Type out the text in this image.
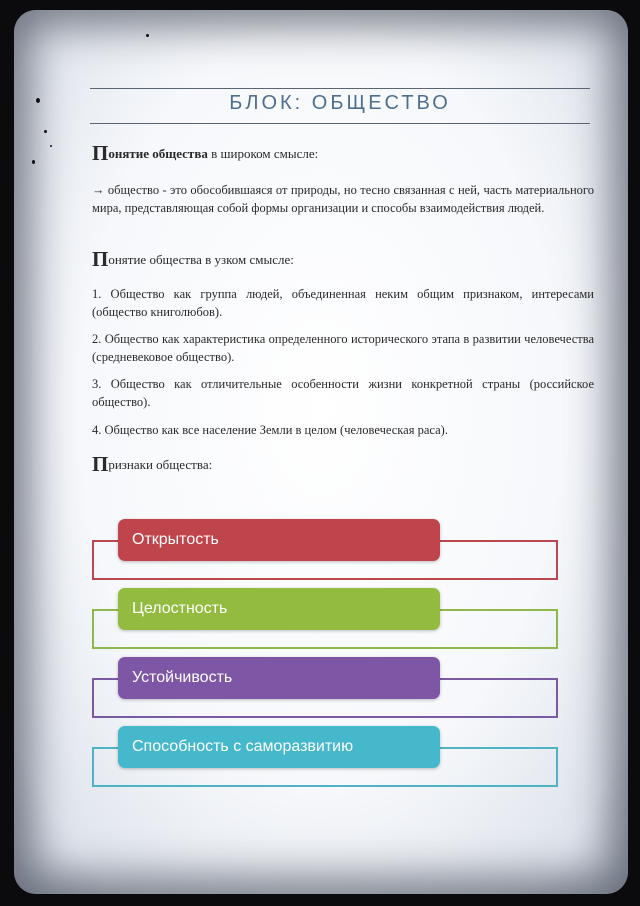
БЛОК: ОБЩЕСТВО
Понятие общества в широком смысле:
→ общество - это обособившаяся от природы, но тесно связанная с ней, часть материального мира, представляющая собой формы организации и способы взаимодействия людей.
Понятие общества в узком смысле:
1. Общество как группа людей, объединенная неким общим признаком, интересами (общество книголюбов).
2. Общество как характеристика определенного исторического этапа в развитии человечества (средневековое общество).
3. Общество как отличительные особенности жизни конкретной страны (российское общество).
4. Общество как все население Земли в целом (человеческая раса).
Признаки общества:
Открытость
Целостность
Устойчивость
Способность с саморазвитию
